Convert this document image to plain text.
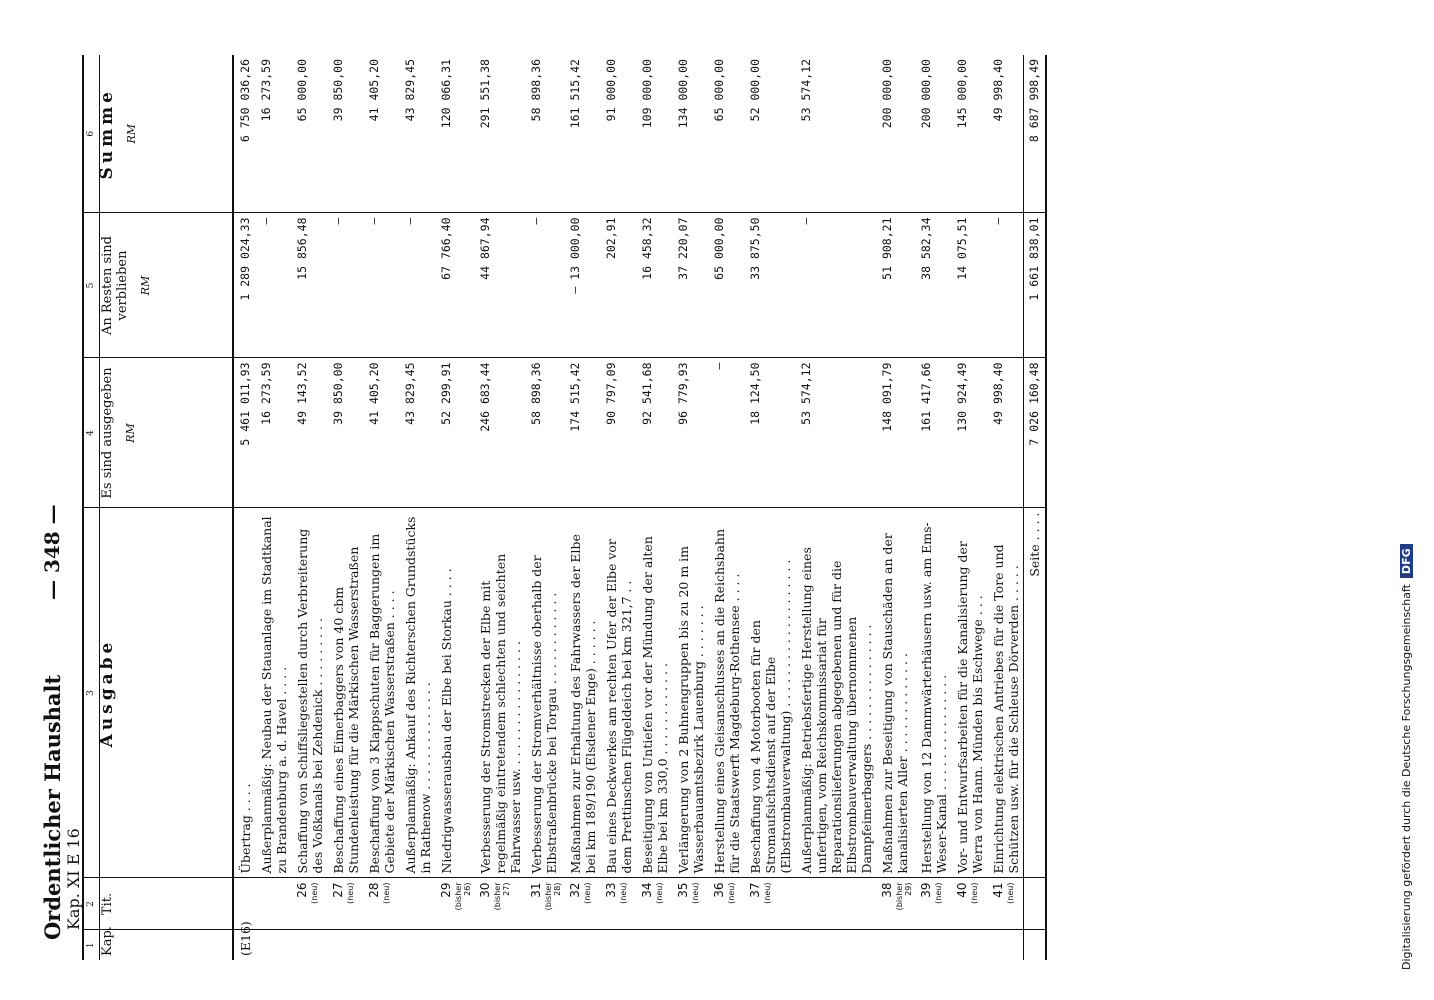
Ordentlicher Haushalt Kap. XI E 16
— 348 —
1	2	3	4	5	6
Kap.	Tit.	Ausgabe	Es sind ausgegeben RM	An Resten sind verblieben RM	Summe RM

(E16)		Übertrag . . . .	5 461 011,93	1 289 024,33	6 750 036,26

	Außerplanmäßig: Neubau der Stauanlage im Stadtkanal zu Brandenburg a. d. Havel . . . .	16 273,59	—	16 273,59
	26 (neu)	Schaffung von Schiffsliegestellen durch Verbreiterung des Voßkanals bei Zehdenick . . . . . . . . .	49 143,52	15 856,48	65 000,00
	27 (neu)	Beschaffung eines Eimerbaggers von 40 cbm Stundenleistung für die Märkischen Wasserstraßen	39 850,00	—	39 850,00
	28 (neu)	Beschaffung von 3 Klappschuten für Baggerungen im Gebiete der Märkischen Wasserstraßen . . . .	41 405,20	—	41 405,20

	Außerplanmäßig: Ankauf des Richterschen Grundstücks in Rathenow . . . . . . . . . . . . . .	43 829,45	—	43 829,45
	29 (bisher 26)	Niedrigwasserausbau der Elbe bei Storkau . . . .	52 299,91	67 766,40	120 066,31
	30 (bisher 27)	Verbesserung der Stromstrecken der Elbe mit regelmäßig eintretendem schlechten und seichten Fahrwasser usw. . . . . . . . . . . . . . . . .	246 683,44	44 867,94	291 551,38
	31 (bisher 28)	Verbesserung der Stromverhältnisse oberhalb der Elbstraßenbrücke bei Torgau . . . . . . . . . . . .	58 898,36	—	58 898,36
	32 (neu)	Maßnahmen zur Erhaltung des Fahrwassers der Elbe bei km 189/190 (Elsdener Enge) . . . . . .	174 515,42	— 13 000,00	161 515,42
	33 (neu)	Bau eines Deckwerkes am rechten Ufer der Elbe vor dem Prettinschen Flügeldeich bei km 321,7 . .	90 797,09	202,91	91 000,00
	34 (neu)	Beseitigung von Untiefen vor der Mündung der alten Elbe bei km 330,0 . . . . . . . . . . . .	92 541,68	16 458,32	109 000,00
	35 (neu)	Verlängerung von 2 Buhnengruppen bis zu 20 m im Wasserbauamtsbezirk Lauenburg . . . . . . .	96 779,93	37 220,07	134 000,00
	36 (neu)	Herstellung eines Gleisanschlusses an die Reichsbahn für die Staatswerft Magdeburg-Rothensee . . . .	—	65 000,00	65 000,00
	37 (neu)	Beschaffung von 4 Motorbooten für den Stromaufsichtsdienst auf der Elbe (Elbstrombauverwaltung) . . . . . . . . . . . . . . . . . . .	18 124,50	33 875,50	52 000,00

	Außerplanmäßig: Betriebsfertige Herstellung eines unfertigen, vom Reichskommissariat für Reparationslieferungen abgegebenen und für die Elbstrombauverwaltung übernommenen Dampfeimerbaggers . . . . . . . . . . . . . . .	53 574,12	—	53 574,12
	38 (bisher 29)	Maßnahmen zur Beseitigung von Stauschäden an der kanalisierten Aller . . . . . . . . . . . . .	148 091,79	51 908,21	200 000,00
	39 (neu)	Herstellung von 12 Dammwärterhäusern usw. am Ems-Weser-Kanal . . . . . . . . . . . . . . .	161 417,66	38 582,34	200 000,00
	40 (neu)	Vor- und Entwurfsarbeiten für die Kanalisierung der Werra von Hann. Münden bis Eschwege . . .	130 924,49	14 075,51	145 000,00
	41 (neu)	Einrichtung elektrischen Antriebes für die Tore und Schützen usw. für die Schleuse Dörverden . . . . .	49 998,40	—	49 998,40
		Seite . . . .	7 026 160,48	1 661 838,01	8 687 998,49
Digitalisierung gefördert durch die Deutsche ForschungsgemeinschaftDFG
